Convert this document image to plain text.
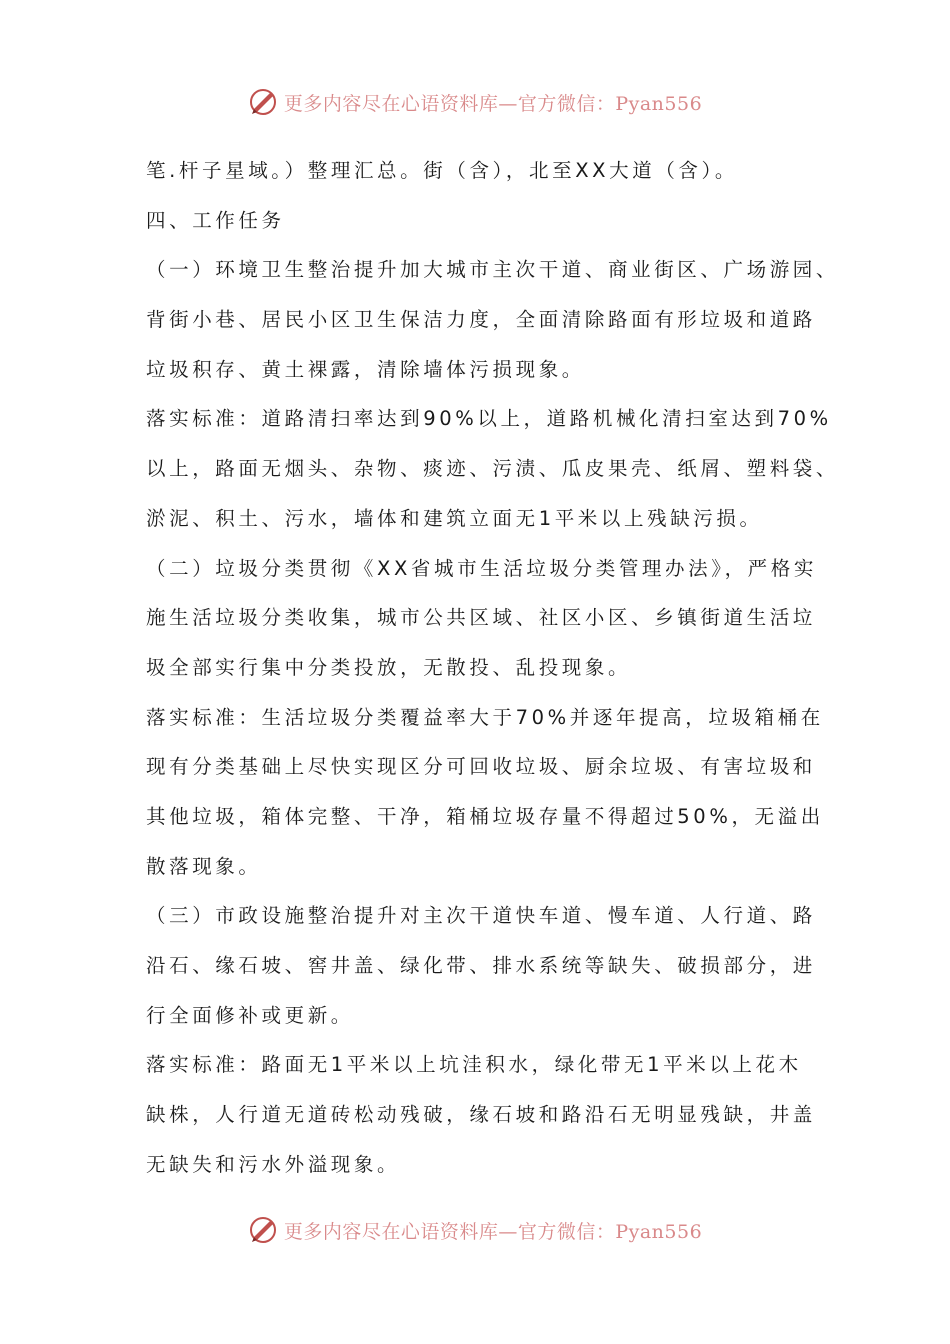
更多内容尽在心语资料库—官方微信：Pyan556

笔.杆子星域。）整理汇总。街（含），北至XX大道（含）。

四、工作任务

（一）环境卫生整治提升加大城市主次干道、商业街区、广场游园、

背街小巷、居民小区卫生保洁力度，全面清除路面有形垃圾和道路

垃圾积存、黄土裸露，清除墙体污损现象。

落实标准：道路清扫率达到90%以上，道路机械化清扫室达到70%

以上，路面无烟头、杂物、痰迹、污渍、瓜皮果壳、纸屑、塑料袋、

淤泥、积土、污水，墙体和建筑立面无1平米以上残缺污损。

（二）垃圾分类贯彻《XX省城市生活垃圾分类管理办法》，严格实

施生活垃圾分类收集，城市公共区域、社区小区、乡镇街道生活垃

圾全部实行集中分类投放，无散投、乱投现象。

落实标准：生活垃圾分类覆益率大于70%并逐年提高，垃圾箱桶在

现有分类基础上尽快实现区分可回收垃圾、厨余垃圾、有害垃圾和

其他垃圾，箱体完整、干净，箱桶垃圾存量不得超过50%，无溢出

散落现象。

（三）市政设施整治提升对主次干道快车道、慢车道、人行道、路

沿石、缘石坡、窖井盖、绿化带、排水系统等缺失、破损部分，进

行全面修补或更新。

落实标准：路面无1平米以上坑洼积水，绿化带无1平米以上花木

缺株，人行道无道砖松动残破，缘石坡和路沿石无明显残缺，井盖

无缺失和污水外溢现象。

更多内容尽在心语资料库—官方微信：Pyan556
